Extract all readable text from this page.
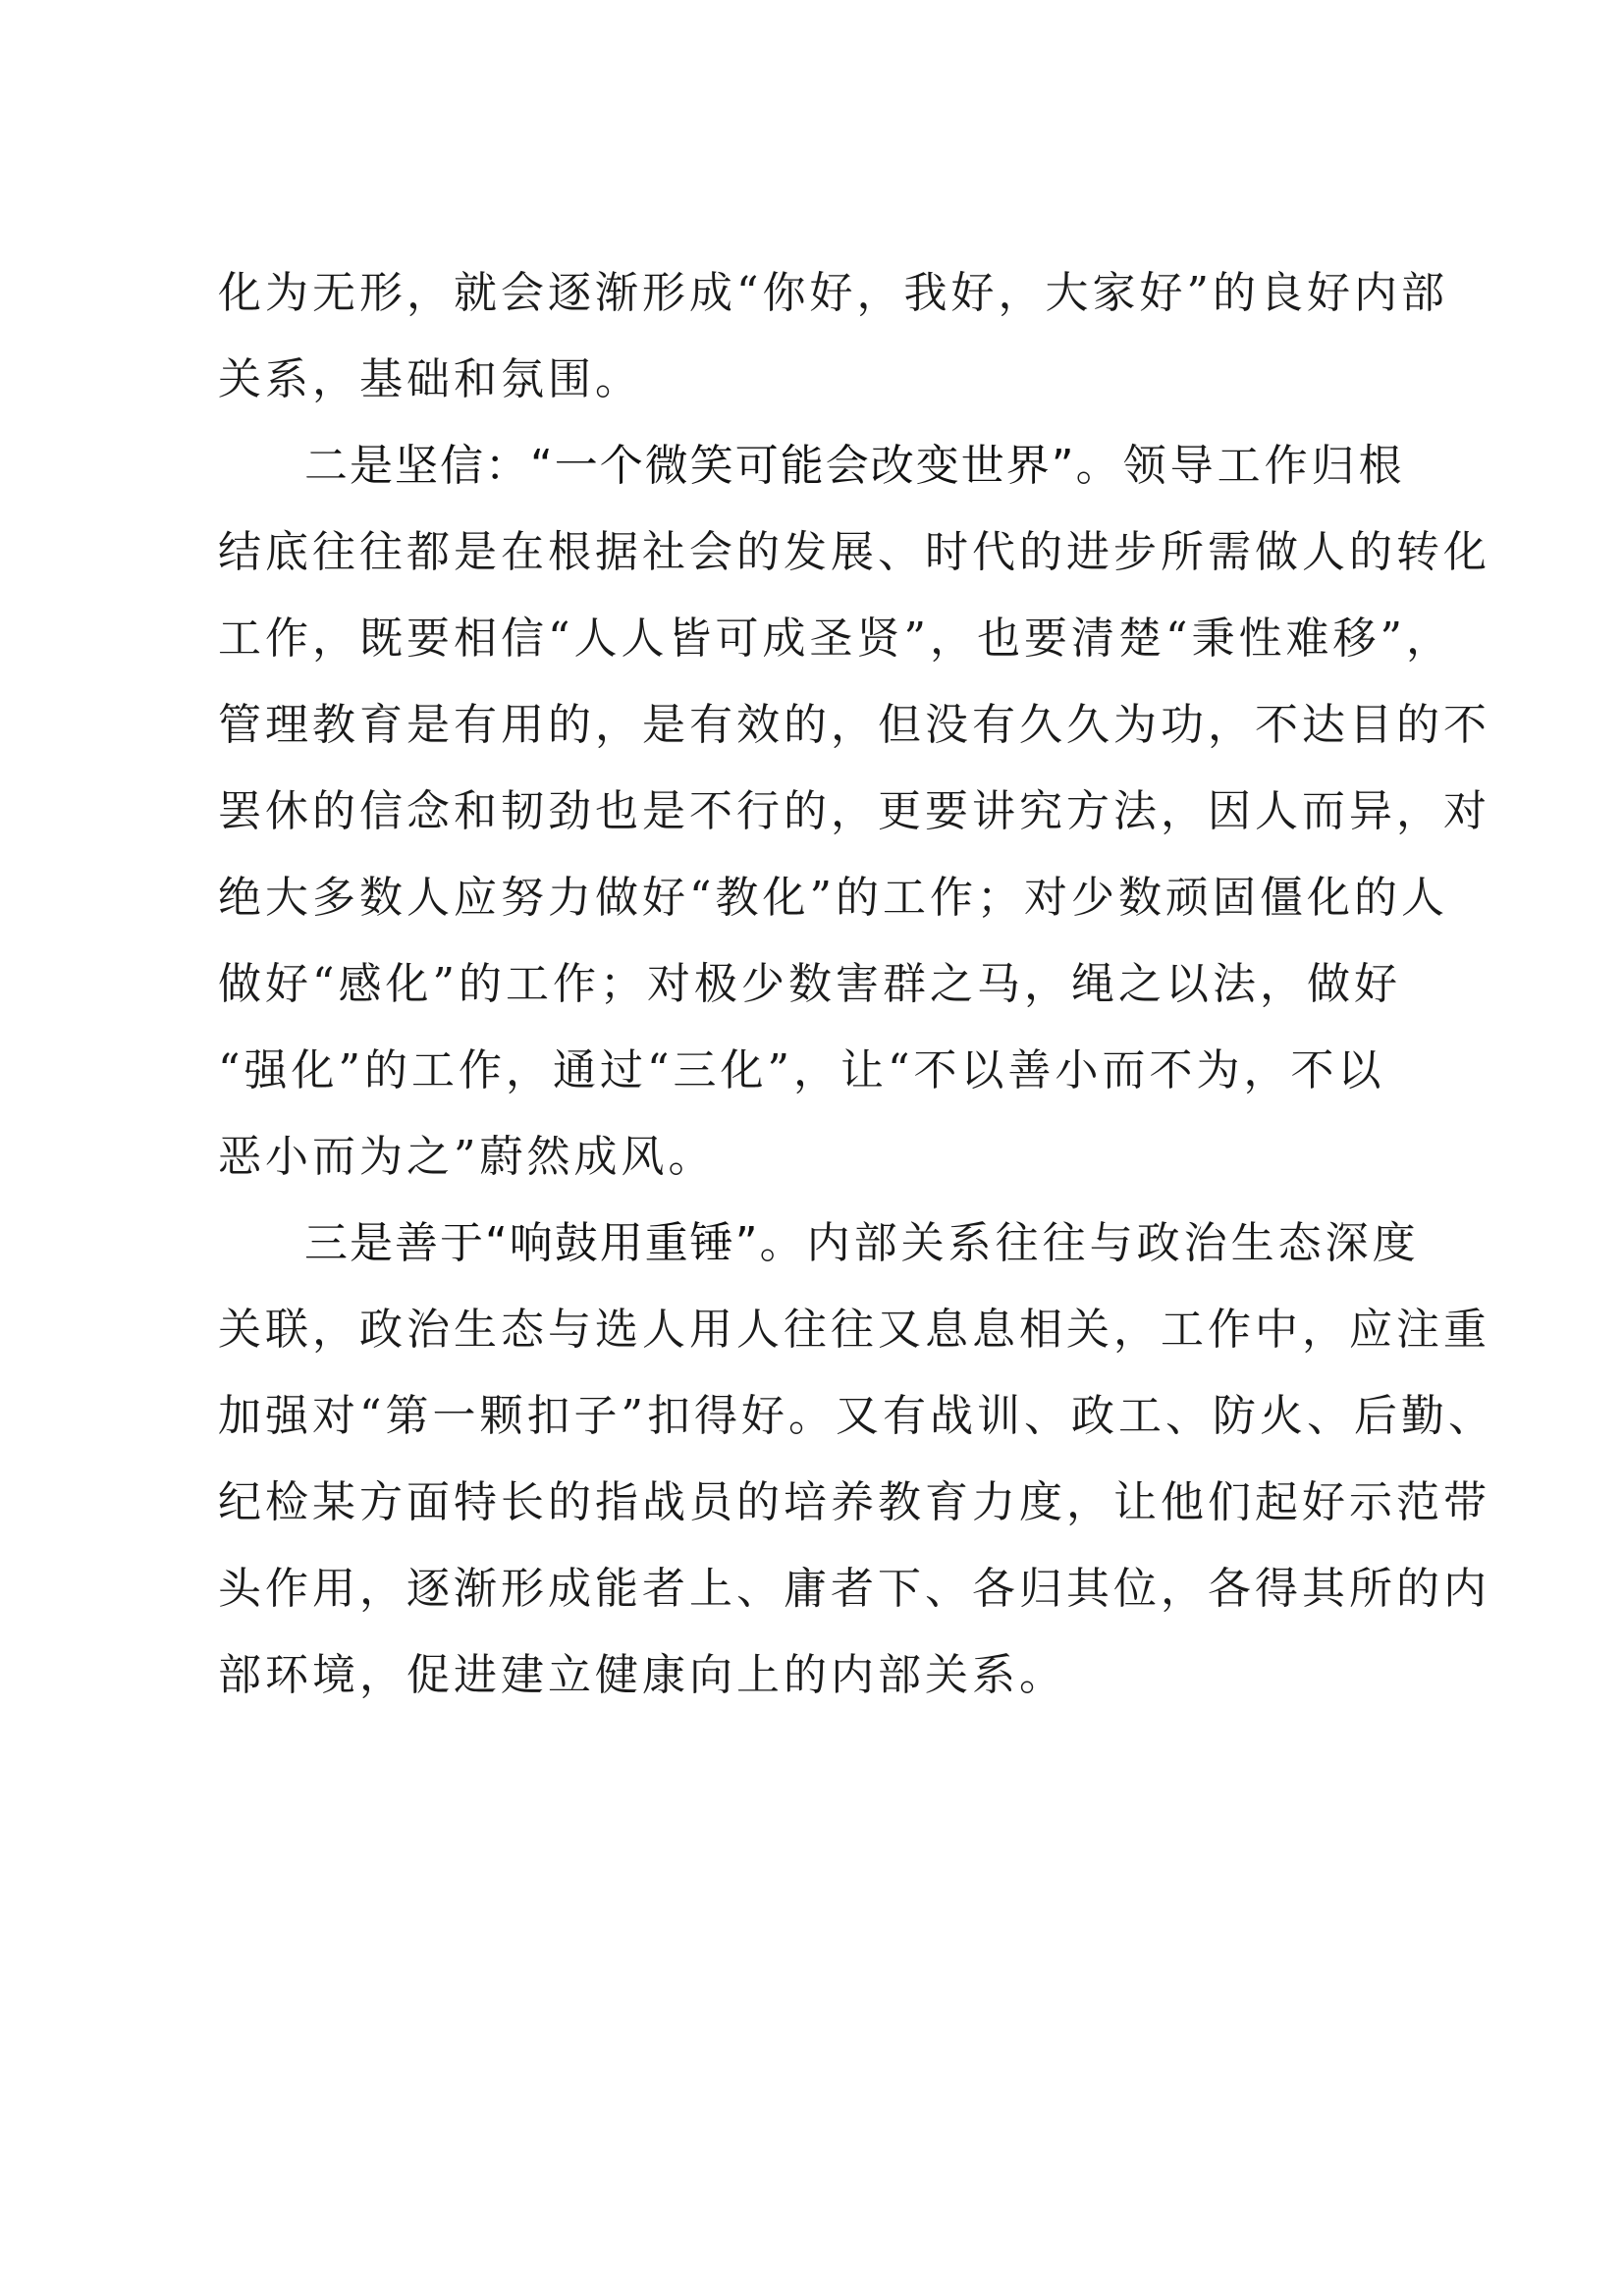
化为无形，就会逐渐形成“你好，我好，大家好”的良好内部
关系，基础和氛围。
二是坚信：“一个微笑可能会改变世界”。领导工作归根
结底往往都是在根据社会的发展、时代的进步所需做人的转化
工作，既要相信“人人皆可成圣贤”，也要清楚“秉性难移”，
管理教育是有用的，是有效的，但没有久久为功，不达目的不
罢休的信念和韧劲也是不行的，更要讲究方法，因人而异，对
绝大多数人应努力做好“教化”的工作；对少数顽固僵化的人
做好“感化”的工作；对极少数害群之马，绳之以法，做好
“强化”的工作，通过“三化”，让“不以善小而不为，不以
恶小而为之”蔚然成风。
三是善于“响鼓用重锤”。内部关系往往与政治生态深度
关联，政治生态与选人用人往往又息息相关，工作中，应注重
加强对“第一颗扣子”扣得好。又有战训、政工、防火、后勤、
纪检某方面特长的指战员的培养教育力度，让他们起好示范带
头作用，逐渐形成能者上、庸者下、各归其位，各得其所的内
部环境，促进建立健康向上的内部关系。
